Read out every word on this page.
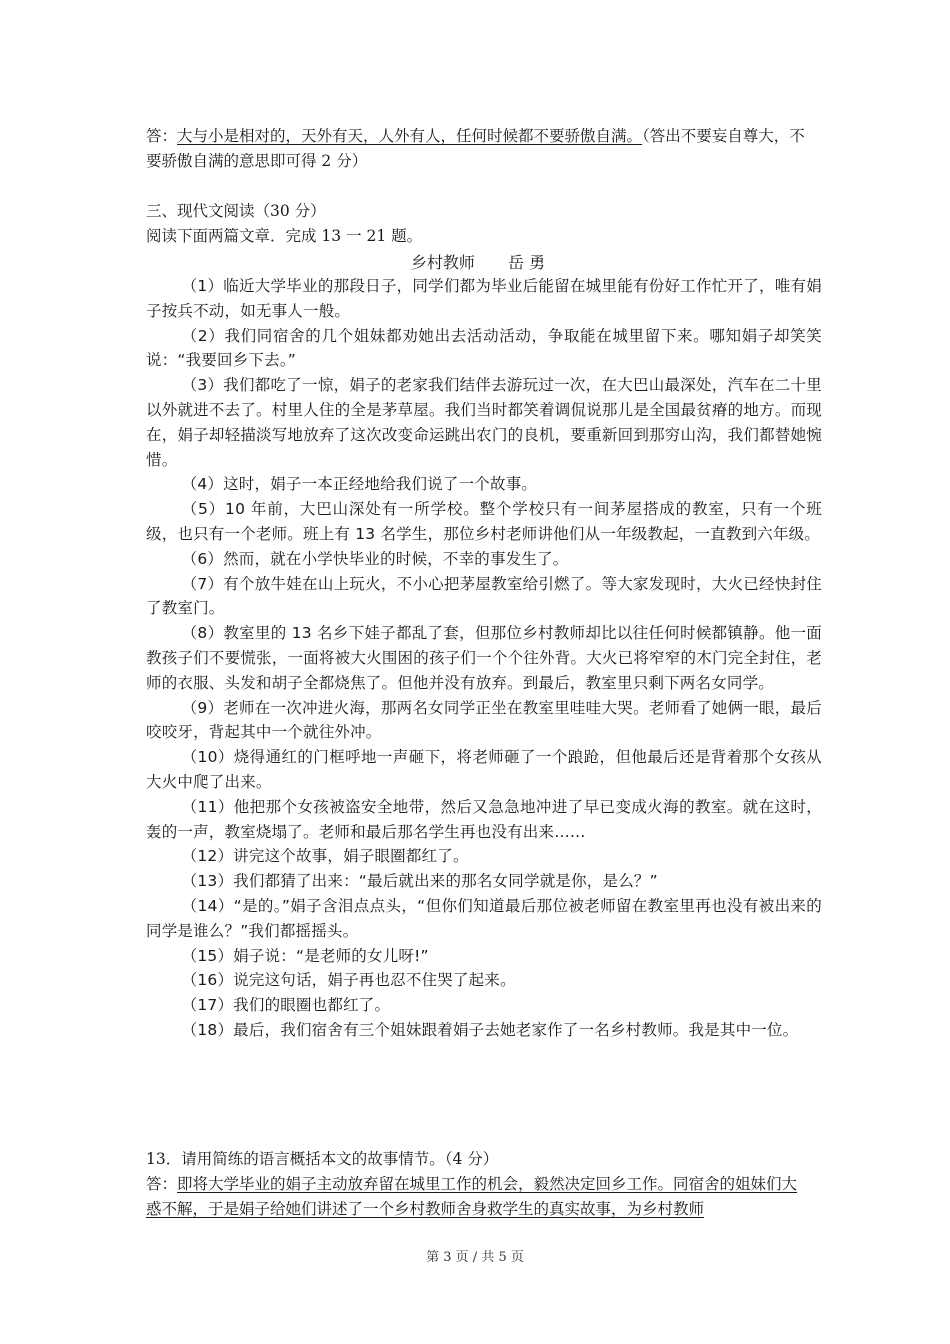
答：大与小是相对的，天外有天，人外有人，任何时候都不要骄傲自满。（答出不要妄自尊大，不要骄傲自满的意思即可得 2 分）
三、现代文阅读（30 分）
阅读下面两篇文章．完成 13 一 21 题。
乡村教师 岳 勇

（1）临近大学毕业的那段日子，同学们都为毕业后能留在城里能有份好工作忙开了，唯有娟子按兵不动，如无事人一般。

（2）我们同宿舍的几个姐妹都劝她出去活动活动，争取能在城里留下来。哪知娟子却笑笑说：“我要回乡下去。”

（3）我们都吃了一惊，娟子的老家我们结伴去游玩过一次，在大巴山最深处，汽车在二十里以外就进不去了。村里人住的全是茅草屋。我们当时都笑着调侃说那儿是全国最贫瘠的地方。而现在，娟子却轻描淡写地放弃了这次改变命运跳出农门的良机，要重新回到那穷山沟，我们都替她惋惜。

（4）这时，娟子一本正经地给我们说了一个故事。

（5）10 年前，大巴山深处有一所学校。整个学校只有一间茅屋搭成的教室，只有一个班级，也只有一个老师。班上有 13 名学生，那位乡村老师讲他们从一年级教起，一直教到六年级。

（6）然而，就在小学快毕业的时候，不幸的事发生了。

（7）有个放牛娃在山上玩火，不小心把茅屋教室给引燃了。等大家发现时，大火已经快封住了教室门。

（8）教室里的 13 名乡下娃子都乱了套，但那位乡村教师却比以往任何时候都镇静。他一面教孩子们不要慌张，一面将被大火围困的孩子们一个个往外背。大火已将窄窄的木门完全封住，老师的衣服、头发和胡子全都烧焦了。但他并没有放弃。到最后，教室里只剩下两名女同学。

（9）老师在一次冲进火海，那两名女同学正坐在教室里哇哇大哭。老师看了她俩一眼，最后咬咬牙，背起其中一个就往外冲。

（10）烧得通红的门框呼地一声砸下，将老师砸了一个踉跄，但他最后还是背着那个女孩从大火中爬了出来。

（11）他把那个女孩被盗安全地带，然后又急急地冲进了早已变成火海的教室。就在这时，轰的一声，教室烧塌了。老师和最后那名学生再也没有出来……

（12）讲完这个故事，娟子眼圈都红了。

（13）我们都猜了出来：“最后就出来的那名女同学就是你，是么？”

（14）“是的。”娟子含泪点点头，“但你们知道最后那位被老师留在教室里再也没有被出来的同学是谁么？”我们都摇摇头。

（15）娟子说：“是老师的女儿呀!”

（16）说完这句话，娟子再也忍不住哭了起来。

（17）我们的眼圈也都红了。

（18）最后，我们宿舍有三个姐妹跟着娟子去她老家作了一名乡村教师。我是其中一位。

13．请用简练的语言概括本文的故事情节。（4 分）
答：即将大学毕业的娟子主动放弃留在城里工作的机会，毅然决定回乡工作。同宿舍的姐妹们大惑不解，于是娟子给她们讲述了一个乡村教师舍身救学生的真实故事，为乡村教师
第 3 页 / 共 5 页
